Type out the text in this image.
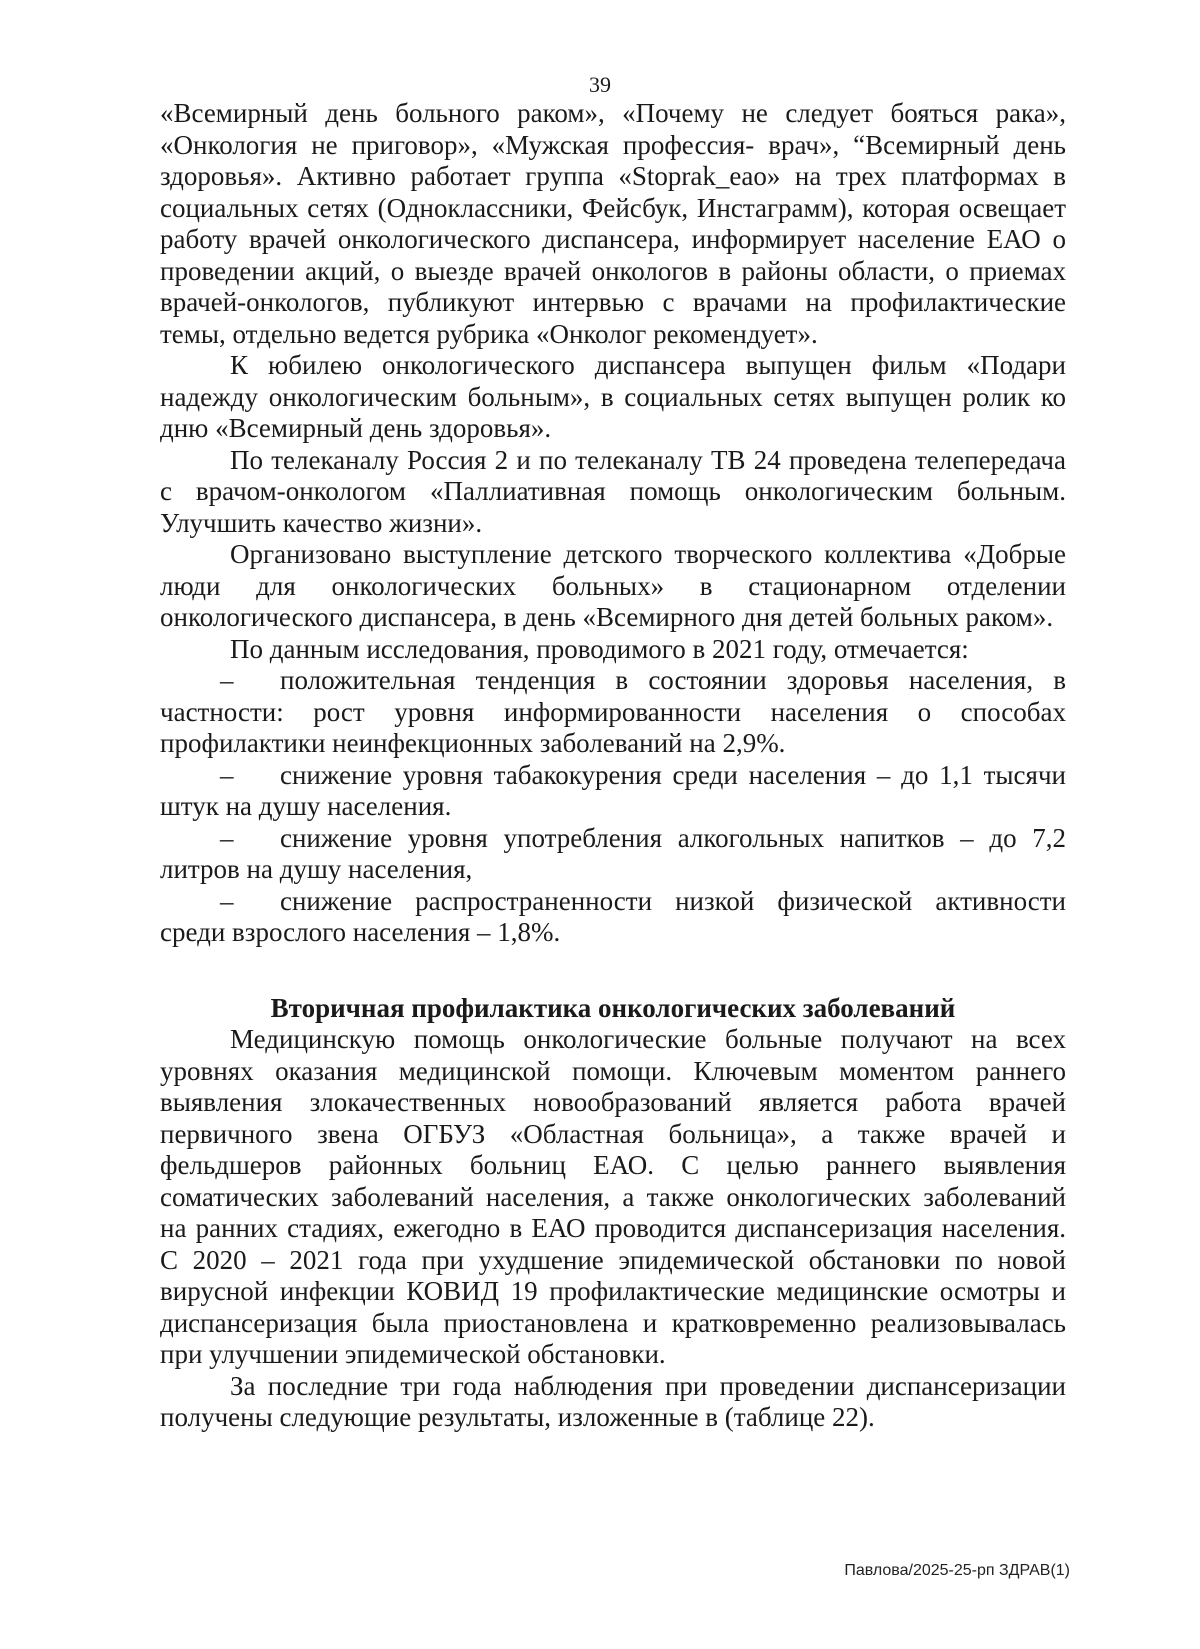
39

«Всемирный день больного раком», «Почему не следует бояться рака», «Онкология не приговор», «Мужская профессия- врач», “Всемирный день здоровья». Активно работает группа «Stoprak_eao» на трех платформах в социальных сетях (Одноклассники, Фейсбук, Инстаграмм), которая освещает работу врачей онкологического диспансера, информирует население ЕАО о проведении акций, о выезде врачей онкологов в районы области, о приемах врачей-онкологов, публикуют интервью с врачами на профилактические темы, отдельно ведется рубрика «Онколог рекомендует».

К юбилею онкологического диспансера выпущен фильм «Подари надежду онкологическим больным», в социальных сетях выпущен ролик ко дню «Всемирный день здоровья».

По телеканалу Россия 2 и по телеканалу ТВ 24 проведена телепередача с врачом-онкологом «Паллиативная помощь онкологическим больным. Улучшить качество жизни».

Организовано выступление детского творческого коллектива «Добрые люди для онкологических больных» в стационарном отделении онкологического диспансера, в день «Всемирного дня детей больных раком».

По данным исследования, проводимого в 2021 году, отмечается:

– положительная тенденция в состоянии здоровья населения, в частности: рост уровня информированности населения о способах профилактики неинфекционных заболеваний на 2,9%.

– снижение уровня табакокурения среди населения – до 1,1 тысячи штук на душу населения.

– снижение уровня употребления алкогольных напитков – до 7,2 литров на душу населения,

– снижение распространенности низкой физической активности среди взрослого населения – 1,8%.

Вторичная профилактика онкологических заболеваний

Медицинскую помощь онкологические больные получают на всех уровнях оказания медицинской помощи. Ключевым моментом раннего выявления злокачественных новообразований является работа врачей первичного звена ОГБУЗ «Областная больница», а также врачей и фельдшеров районных больниц ЕАО. С целью раннего выявления соматических заболеваний населения, а также онкологических заболеваний на ранних стадиях, ежегодно в ЕАО проводится диспансеризация населения. С 2020 – 2021 года при ухудшение эпидемической обстановки по новой вирусной инфекции КОВИД 19 профилактические медицинские осмотры и диспансеризация была приостановлена и кратковременно реализовывалась при улучшении эпидемической обстановки.

За последние три года наблюдения при проведении диспансеризации получены следующие результаты, изложенные в (таблице 22).

Павлова/2025-25-рп ЗДРАВ(1)
